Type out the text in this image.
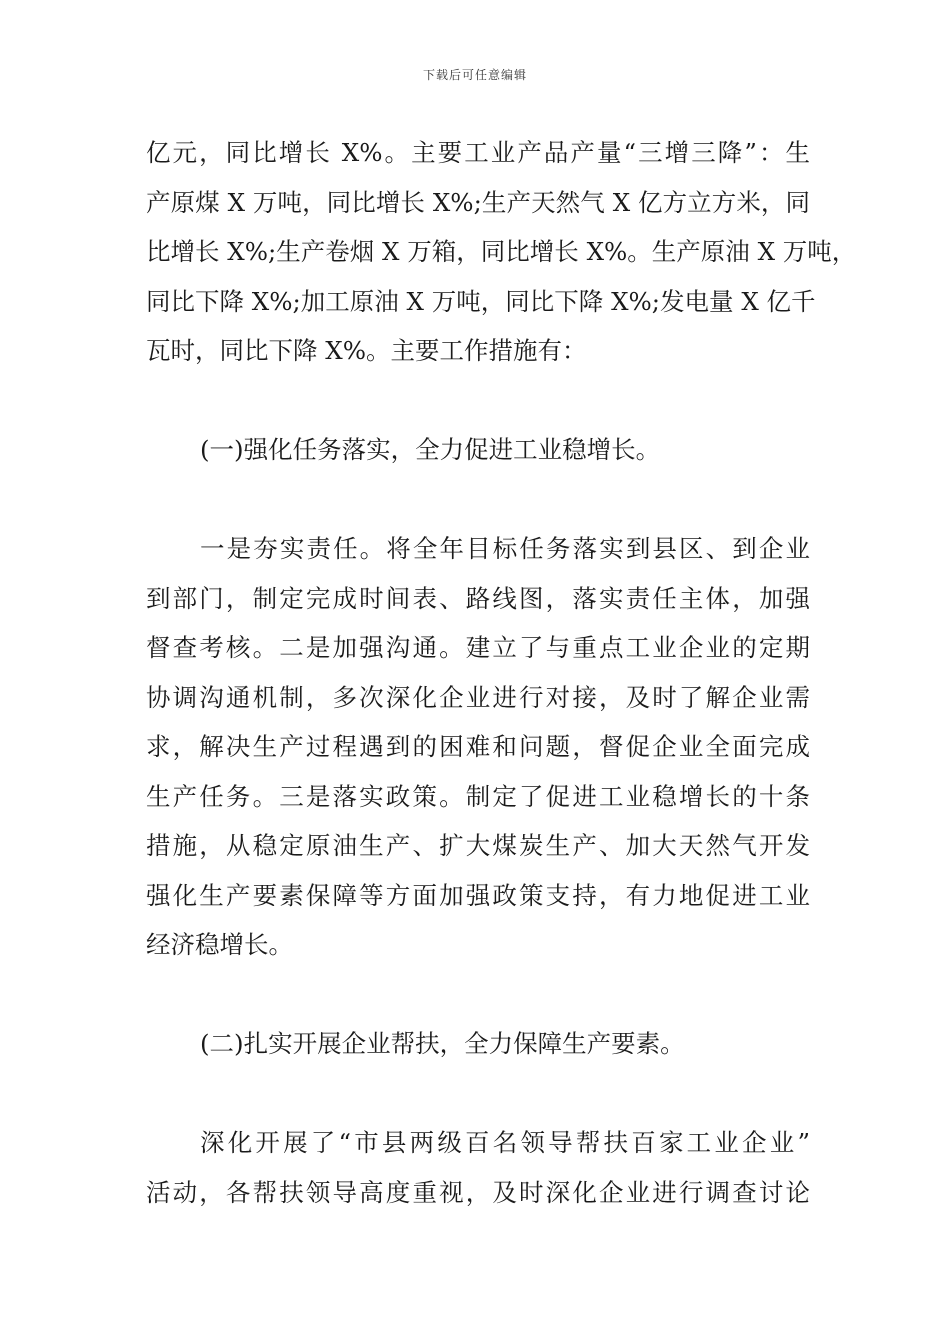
下载后可任意编辑
亿元，同比增长 X%。主要工业产品产量“三增三降”：生
产原煤 X 万吨，同比增长 X%;生产天然气 X 亿方立方米，同
比增长 X%;生产卷烟 X 万箱，同比增长 X%。生产原油 X 万吨，
同比下降 X%;加工原油 X 万吨，同比下降 X%;发电量 X 亿千
瓦时，同比下降 X%。主要工作措施有：
(一)强化任务落实，全力促进工业稳增长。
一是夯实责任。将全年目标任务落实到县区、到企业
到部门，制定完成时间表、路线图，落实责任主体，加强
督查考核。二是加强沟通。建立了与重点工业企业的定期
协调沟通机制，多次深化企业进行对接，及时了解企业需
求，解决生产过程遇到的困难和问题，督促企业全面完成
生产任务。三是落实政策。制定了促进工业稳增长的十条
措施，从稳定原油生产、扩大煤炭生产、加大天然气开发
强化生产要素保障等方面加强政策支持，有力地促进工业
经济稳增长。
(二)扎实开展企业帮扶，全力保障生产要素。
深化开展了“市县两级百名领导帮扶百家工业企业”
活动，各帮扶领导高度重视，及时深化企业进行调查讨论
